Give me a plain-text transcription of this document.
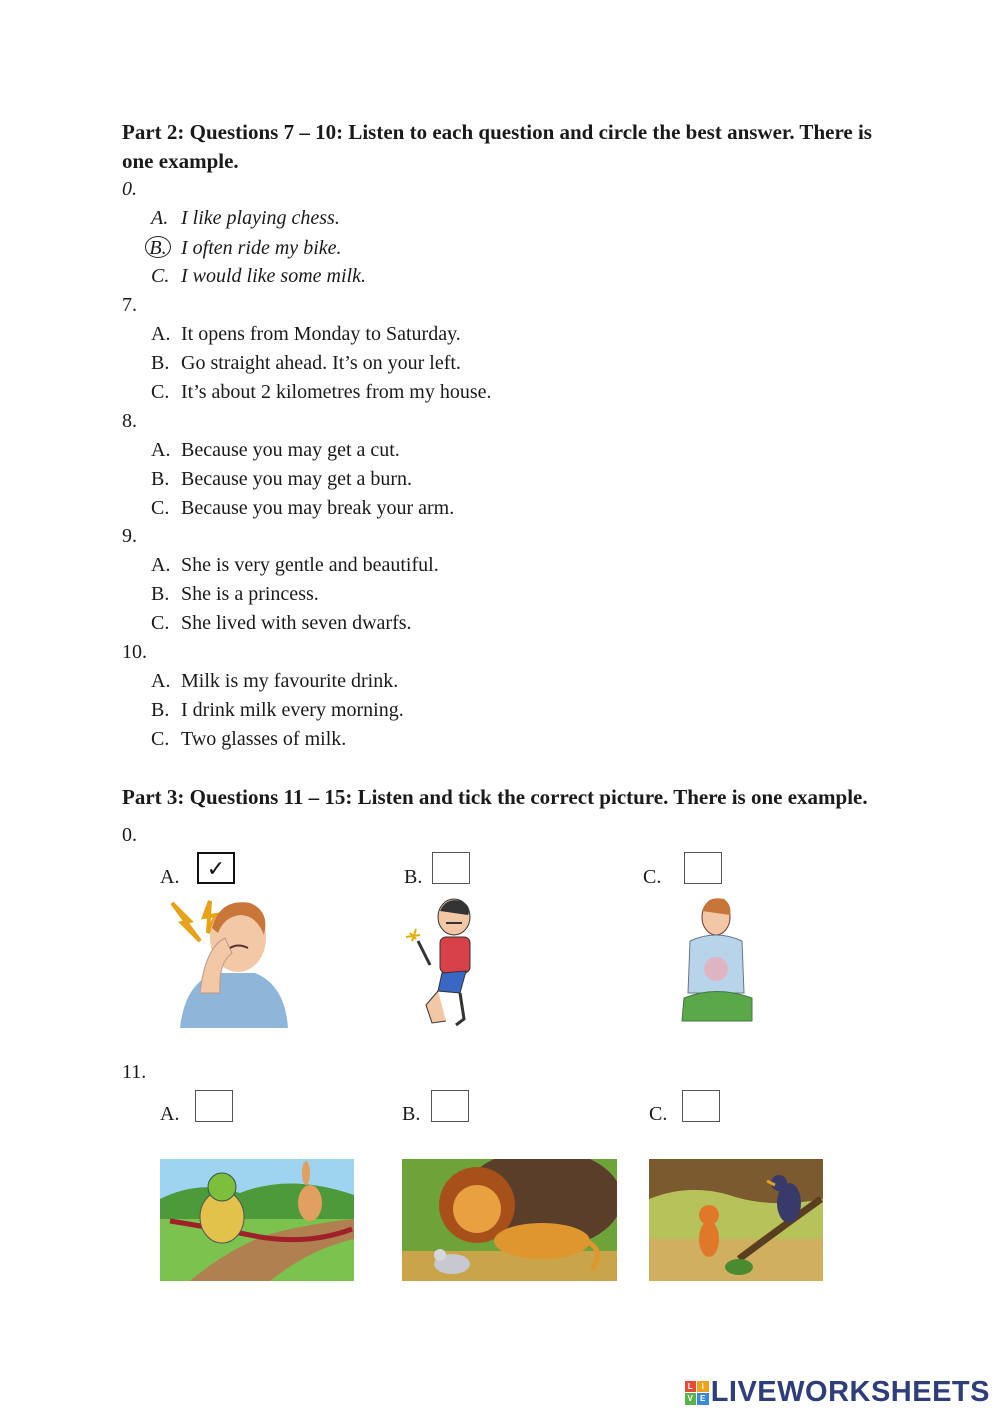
Part 2: Questions 7 – 10: Listen to each question and circle the best answer. There is one example.
0.
A. I like playing chess.
B. I often ride my bike.
C. I would like some milk.
7.
A. It opens from Monday to Saturday.
B. Go straight ahead. It’s on your left.
C. It’s about 2 kilometres from my house.
8.
A. Because you may get a cut.
B. Because you may get a burn.
C. Because you may break your arm.
9.
A. She is very gentle and beautiful.
B. She is a princess.
C. She lived with seven dwarfs.
10.
A. Milk is my favourite drink.
B. I drink milk every morning.
C. Two glasses of milk.
Part 3: Questions 11 – 15: Listen and tick the correct picture. There is one example.
0.
A.	✓	B.	C.
11.
A.	B.	C.
L	I
V E LIVEWORKSHEETS
